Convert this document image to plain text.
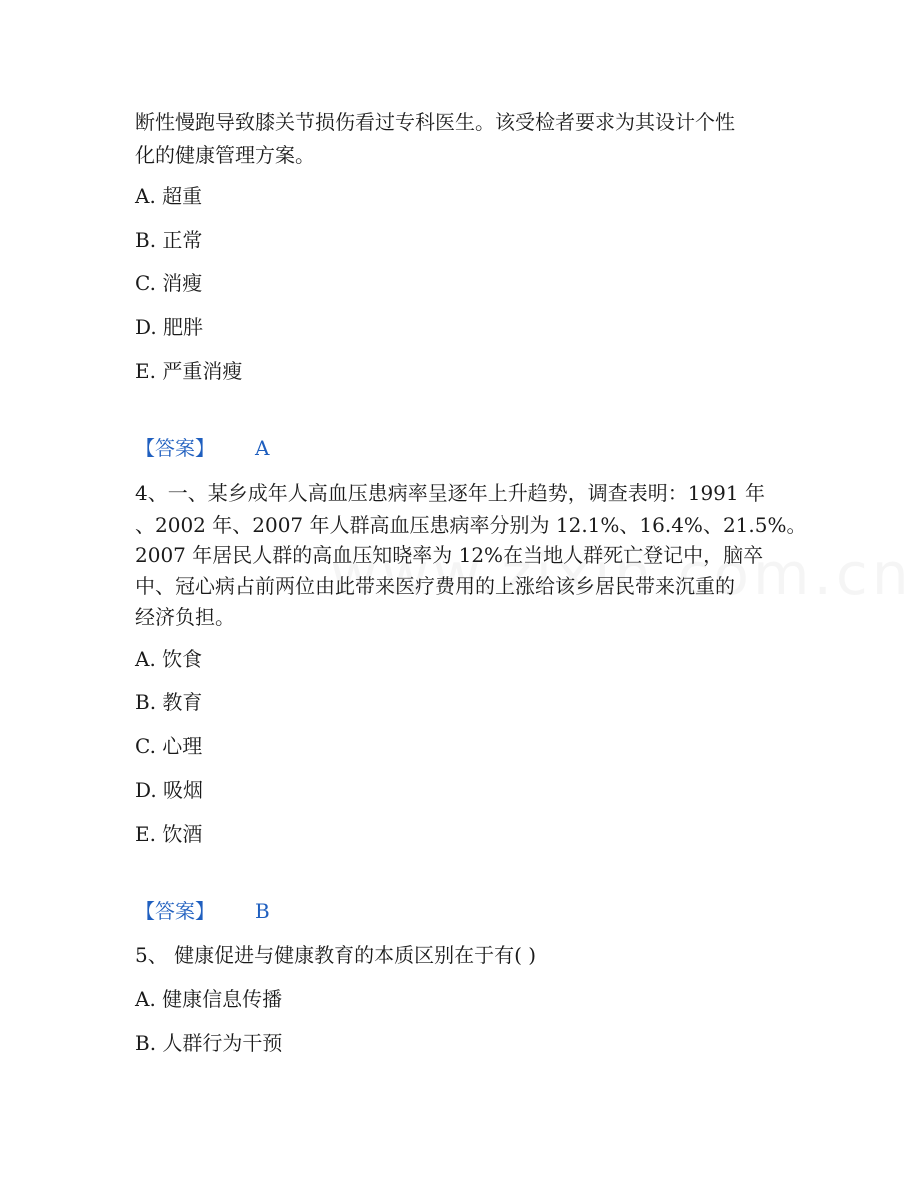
断性慢跑导致膝关节损伤看过专科医生。该受检者要求为其设计个性
化的健康管理方案。
A. 超重
B. 正常
C. 消瘦
D. 肥胖
E. 严重消瘦
【答案】 A
4、一、某乡成年人高血压患病率呈逐年上升趋势，调查表明：1991 年
、2002 年、2007 年人群高血压患病率分别为 12.1%、16.4%、21.5%。
2007 年居民人群的高血压知晓率为 12%在当地人群死亡登记中，脑卒
中、冠心病占前两位由此带来医疗费用的上涨给该乡居民带来沉重的
经济负担。
A. 饮食
B. 教育
C. 心理
D. 吸烟
E. 饮酒
【答案】 B
5、 健康促进与健康教育的本质区别在于有( )
A. 健康信息传播
B. 人群行为干预
